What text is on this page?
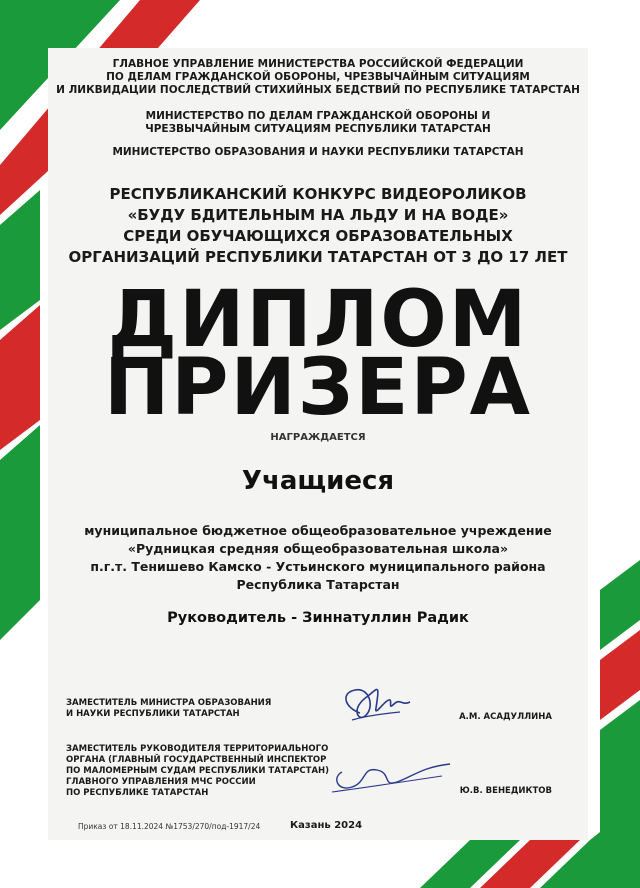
ГЛАВНОЕ УПРАВЛЕНИЕ МИНИСТЕРСТВА РОССИЙСКОЙ ФЕДЕРАЦИИ
ПО ДЕЛАМ ГРАЖДАНСКОЙ ОБОРОНЫ, ЧРЕЗВЫЧАЙНЫМ СИТУАЦИЯМ
И ЛИКВИДАЦИИ ПОСЛЕДСТВИЙ СТИХИЙНЫХ БЕДСТВИЙ ПО РЕСПУБЛИКЕ ТАТАРСТАН
МИНИСТЕРСТВО ПО ДЕЛАМ ГРАЖДАНСКОЙ ОБОРОНЫ И
ЧРЕЗВЫЧАЙНЫМ СИТУАЦИЯМ РЕСПУБЛИКИ ТАТАРСТАН
МИНИСТЕРСТВО ОБРАЗОВАНИЯ И НАУКИ РЕСПУБЛИКИ ТАТАРСТАН
РЕСПУБЛИКАНСКИЙ КОНКУРС ВИДЕОРОЛИКОВ
«БУДУ БДИТЕЛЬНЫМ НА ЛЬДУ И НА ВОДЕ»
СРЕДИ ОБУЧАЮЩИХСЯ ОБРАЗОВАТЕЛЬНЫХ
ОРГАНИЗАЦИЙ РЕСПУБЛИКИ ТАТАРСТАН ОТ 3 ДО 17 ЛЕТ
ДИПЛОМ
ПРИЗЕРА
НАГРАЖДАЕТСЯ
Учащиеся
муниципальное бюджетное общеобразовательное учреждение
«Рудницкая средняя общеобразовательная школа»
п.г.т. Тенишево Камско - Устьинского муниципального района
Республика Татарстан
Руководитель - Зиннатуллин Радик
ЗАМЕСТИТЕЛЬ МИНИСТРА ОБРАЗОВАНИЯ
И НАУКИ РЕСПУБЛИКИ ТАТАРСТАН	А.М. АСАДУЛЛИНА
ЗАМЕСТИТЕЛЬ РУКОВОДИТЕЛЯ ТЕРРИТОРИАЛЬНОГО
ОРГАНА (ГЛАВНЫЙ ГОСУДАРСТВЕННЫЙ ИНСПЕКТОР
ПО МАЛОМЕРНЫМ СУДАМ РЕСПУБЛИКИ ТАТАРСТАН)
ГЛАВНОГО УПРАВЛЕНИЯ МЧС РОССИИ
ПО РЕСПУБЛИКЕ ТАТАРСТАН	Ю.В. ВЕНЕДИКТОВ
Приказ от 18.11.2024 №1753/270/под-1917/24	Казань 2024
